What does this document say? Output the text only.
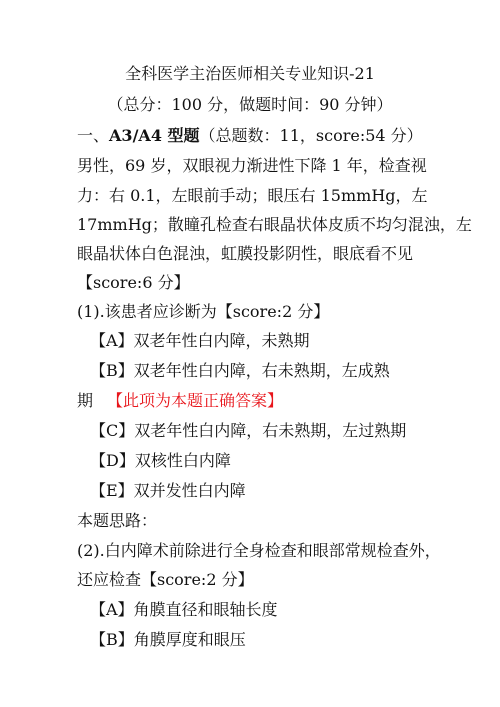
全科医学主治医师相关专业知识-21
（总分：100 分，做题时间：90 分钟）
一、A3/A4 型题（总题数：11，score:54 分）
男性，69 岁，双眼视力渐进性下降 1 年，检查视
力：右 0.1，左眼前手动；眼压右 15mmHg，左
17mmHg；散瞳孔检查右眼晶状体皮质不均匀混浊，左
眼晶状体白色混浊，虹膜投影阴性，眼底看不见
【score:6 分】
(1).该患者应诊断为【score:2 分】
【A】双老年性白内障，未熟期
【B】双老年性白内障，右未熟期，左成熟
期 【此项为本题正确答案】
【C】双老年性白内障，右未熟期，左过熟期
【D】双核性白内障
【E】双并发性白内障
本题思路：
(2).白内障术前除进行全身检查和眼部常规检查外，
还应检查【score:2 分】
【A】角膜直径和眼轴长度
【B】角膜厚度和眼压
